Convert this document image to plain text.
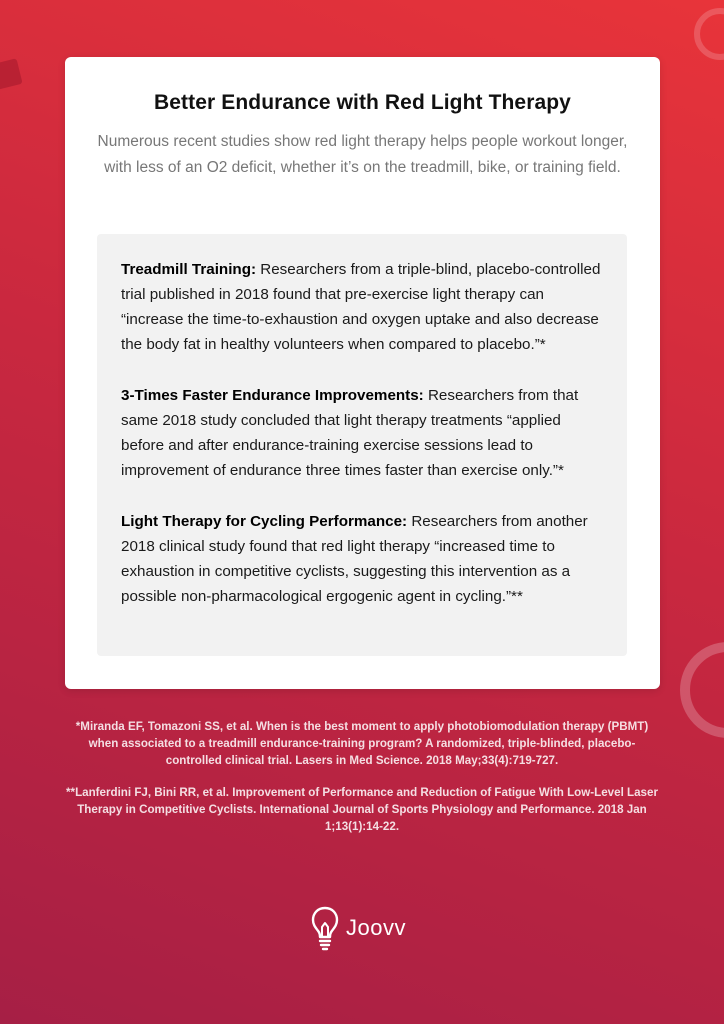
Better Endurance with Red Light Therapy
Numerous recent studies show red light therapy helps people workout longer, with less of an O2 deficit, whether it’s on the treadmill, bike, or training field.

Treadmill Training: Researchers from a triple-blind, placebo-controlled trial published in 2018 found that pre-exercise light therapy can “increase the time-to-exhaustion and oxygen uptake and also decrease the body fat in healthy volunteers when compared to placebo.”*

3-Times Faster Endurance Improvements: Researchers from that same 2018 study concluded that light therapy treatments “applied before and after endurance-training exercise sessions lead to improvement of endurance three times faster than exercise only.”*

Light Therapy for Cycling Performance: Researchers from another 2018 clinical study found that red light therapy “increased time to exhaustion in competitive cyclists, suggesting this intervention as a possible non-pharmacological ergogenic agent in cycling.”**

*Miranda EF, Tomazoni SS, et al. When is the best moment to apply photobiomodulation therapy (PBMT) when associated to a treadmill endurance-training program? A randomized, triple-blinded, placebo-controlled clinical trial. Lasers in Med Science. 2018 May;33(4):719-727.

**Lanferdini FJ, Bini RR, et al. Improvement of Performance and Reduction of Fatigue With Low-Level Laser Therapy in Competitive Cyclists. International Journal of Sports Physiology and Performance. 2018 Jan 1;13(1):14-22.

Joovv
